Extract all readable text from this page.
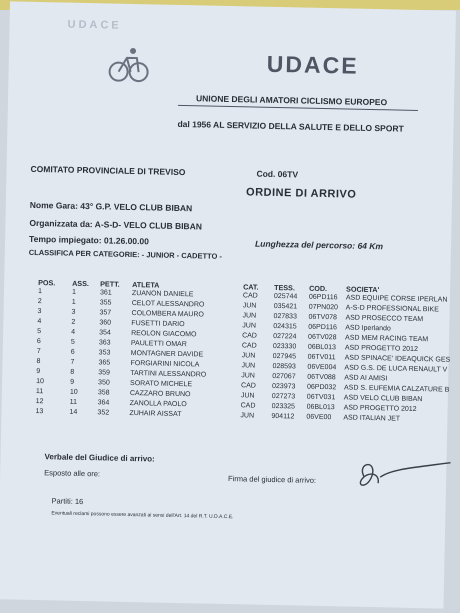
UDACE
UDACE
UNIONE DEGLI AMATORI CICLISMO EUROPEO
dal 1956 AL SERVIZIO DELLA SALUTE E DELLO SPORT
COMITATO PROVINCIALE DI TREVISO	Cod. 06TV
ORDINE DI ARRIVO
Nome Gara: 43° G.P. VELO CLUB BIBAN
Organizzata da: A-S-D- VELO CLUB BIBAN
Tempo impiegato: 01.26.00.00	Lunghezza del percorso: 64 Km
CLASSIFICA PER CATEGORIE: - JUNIOR - CADETTO -
POS. ASS. PETT. ATLETA	CAT. TESS. COD.	SOCIETA'
1	1	361	ZUANON DANIELE	CAD 025744 06PD116 ASD EQUIPE CORSE IPERLAN
2	1	355	CELOT ALESSANDRO	JUN 035421 07PN020 A-S-D PROFESSIONAL BIKE
3	3	357	COLOMBERA MAURO	JUN 027833 06TV078 ASD PROSECCO TEAM
4	2	360	FUSETTI DARIO	JUN 024315 06PD116 ASD Iperlando
5	4	354	REOLON GIACOMO	CAD 027224 06TV028 ASD MEM RACING TEAM
6	5	363	PAULETTI OMAR	CAD 023330 06BL013 ASD PROGETTO 2012
7	6	353	MONTAGNER DAVIDE	JUN 027945 06TV011 ASD SPINACE' IDEAQUICK GES
8	7	365	FORGIARINI NICOLA	JUN 028593 06VE004 ASD G.S. DE LUCA RENAULT V
9	8	359	TARTINI ALESSANDRO	JUN 027067 06TV088 ASD AI AMISI
10	9	350	SORATO MICHELE	CAD 023973 06PD032 ASD S. EUFEMIA CALZATURE B
11	10	358	CAZZARO BRUNO	JUN 027273 06TV031 ASD VELO CLUB BIBAN
12	11	364	ZANOLLA PAOLO	CAD 023325 06BL013 ASD PROGETTO 2012
13	14	352	ZUHAIR AISSAT	JUN 904112 06VE00 ASD ITALIAN JET
Verbale del Giudice di arrivo:
Esposto alle ore:
Firma del giudice di arrivo:
Partiti: 16
Eventuali reclami possono essere avanzati ai sensi dell'Art. 14 del R.T. U.D.A.C.E.
